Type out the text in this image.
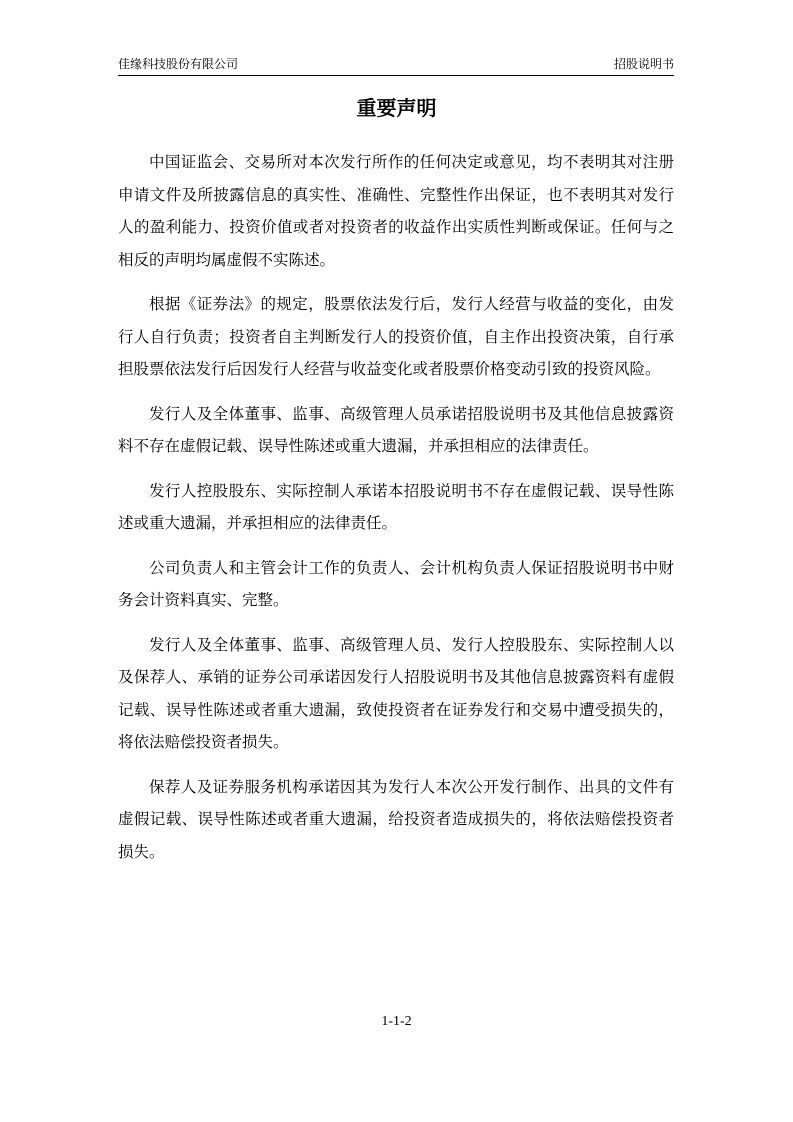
佳缘科技股份有限公司	招股说明书
重要声明

中国证监会、交易所对本次发行所作的任何决定或意见，均不表明其对注册申请文件及所披露信息的真实性、准确性、完整性作出保证，也不表明其对发行人的盈利能力、投资价值或者对投资者的收益作出实质性判断或保证。任何与之相反的声明均属虚假不实陈述。

根据《证券法》的规定，股票依法发行后，发行人经营与收益的变化，由发行人自行负责；投资者自主判断发行人的投资价值，自主作出投资决策，自行承担股票依法发行后因发行人经营与收益变化或者股票价格变动引致的投资风险。

发行人及全体董事、监事、高级管理人员承诺招股说明书及其他信息披露资料不存在虚假记载、误导性陈述或重大遗漏，并承担相应的法律责任。

发行人控股股东、实际控制人承诺本招股说明书不存在虚假记载、误导性陈述或重大遗漏，并承担相应的法律责任。

公司负责人和主管会计工作的负责人、会计机构负责人保证招股说明书中财务会计资料真实、完整。

发行人及全体董事、监事、高级管理人员、发行人控股股东、实际控制人以及保荐人、承销的证券公司承诺因发行人招股说明书及其他信息披露资料有虚假记载、误导性陈述或者重大遗漏，致使投资者在证券发行和交易中遭受损失的，将依法赔偿投资者损失。

保荐人及证券服务机构承诺因其为发行人本次公开发行制作、出具的文件有虚假记载、误导性陈述或者重大遗漏，给投资者造成损失的，将依法赔偿投资者损失。

1-1-2
